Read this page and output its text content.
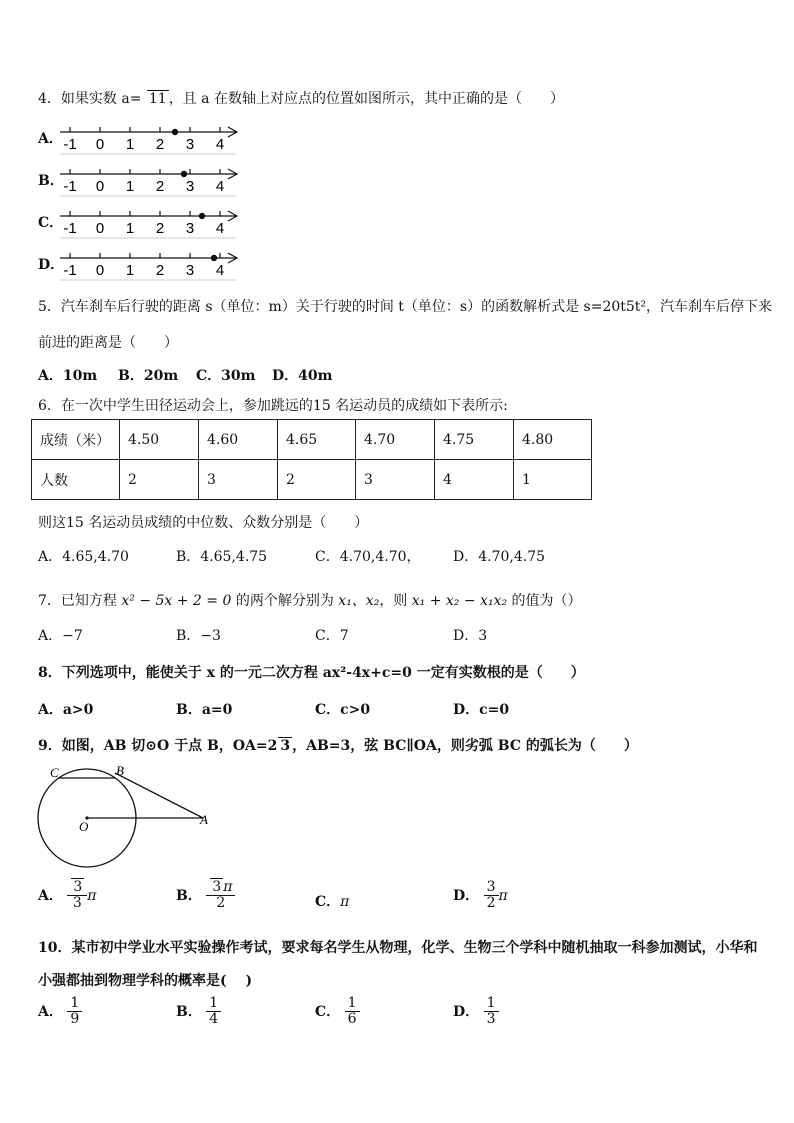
4．如果实数 a= 11 ，且 a 在数轴上对应点的位置如图所示，其中正确的是（　　）
A． -1 0 1 2 3 4
B． -1 0 1 2 3 4
C． -1 0 1 2 3 4
D． -1 0 1 2 3 4
5．汽车刹车后行驶的距离 s（单位：m）关于行驶的时间 t（单位：s）的函数解析式是 s=20t5t²，汽车刹车后停下来
前进的距离是（　　）
A．10m B．20m C．30m D．40m
6．在一次中学生田径运动会上，参加跳远的15 名运动员的成绩如下表所示:
成绩（米）	4.50	4.60	4.65	4.70	4.75	4.80
人数	2	3	2	3	4	1
则这15 名运动员成绩的中位数、众数分别是（　　）
A．4.65,4.70	B．4.65,4.75	C．4.70,4.70， D．4.70,4.75
7．已知方程 x² − 5x + 2 = 0 的两个解分别为 x₁、x₂，则 x₁ + x₂ − x₁x₂ 的值为（）
A．−7	B．−3	C．7	D．3
8．下列选项中，能使关于 x 的一元二次方程 ax²-4x+c=0 一定有实数根的是（　　）
A．a>0	B．a=0	C．c>0	D．c=0
9．如图，AB 切⊙O 于点 B，OA=2 3 ，AB=3，弦 BC∥OA，则劣弧 BC 的弧长为（　　）
C	B
O	A
A． $\frac{3}{3}$ π	B． $\frac{3 \pi}{2}$	C．π	D． $\frac{3}{2}$ π
10．某市初中学业水平实验操作考试，要求每名学生从物理，化学、生物三个学科中随机抽取一科参加测试，小华和
小强都抽到物理学科的概率是(　 )
A． $\frac{1}{9}$	B． $\frac{1}{4}$	C． $\frac{1}{6}$	D． $\frac{1}{3}$
